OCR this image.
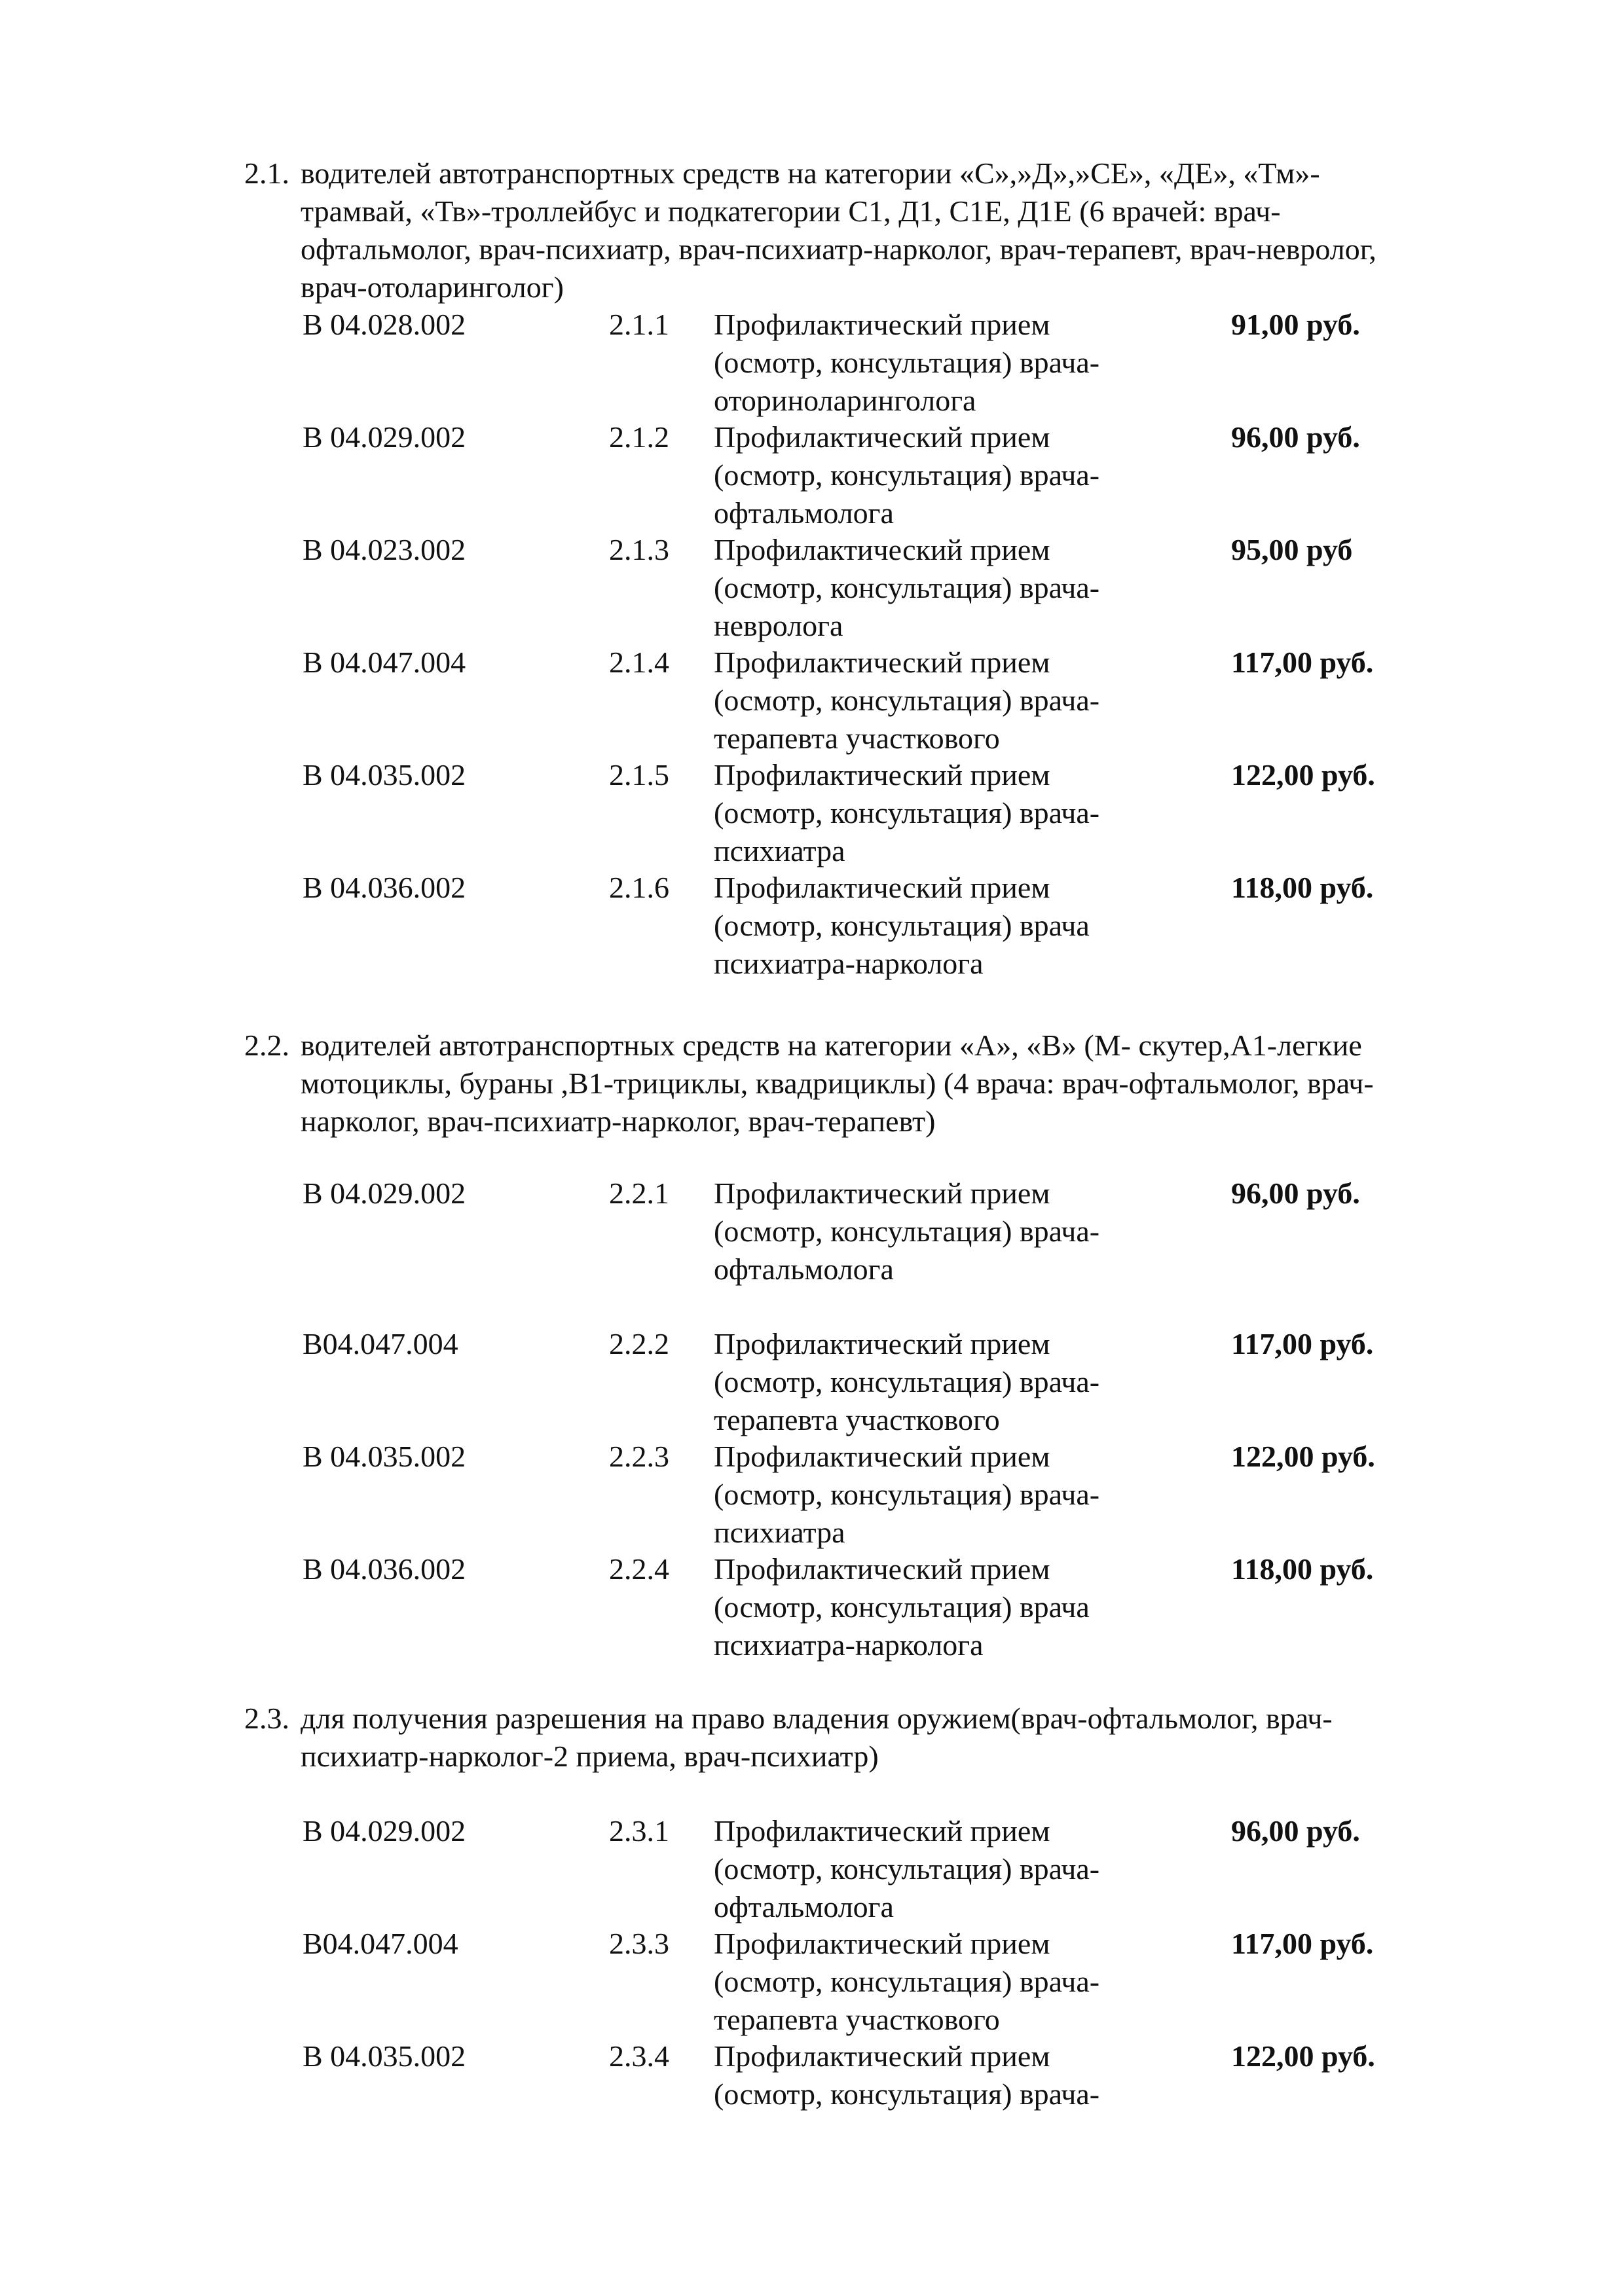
2.1. водителей автотранспортных средств на категории «С»,»Д»,»СЕ», «ДЕ», «Тм»-
трамвай, «Тв»-троллейбус и подкатегории С1, Д1, С1Е, Д1Е (6 врачей: врач-
офтальмолог, врач-психиатр, врач-психиатр-нарколог, врач-терапевт, врач-невролог,
врач-отоларинголог)
В 04.028.002	2.1.1 Профилактический прием
(осмотр, консультация) врача-
оториноларинголога
91,00 руб.
В 04.029.002	2.1.2 Профилактический прием
(осмотр, консультация) врача-
офтальмолога
96,00 руб.
В 04.023.002	2.1.3 Профилактический прием
(осмотр, консультация) врача-
невролога
95,00 руб
В 04.047.004	2.1.4 Профилактический прием
(осмотр, консультация) врача-
терапевта участкового
117,00 руб.
В 04.035.002	2.1.5 Профилактический прием
(осмотр, консультация) врача-
психиатра
122,00 руб.
В 04.036.002	2.1.6 Профилактический прием
(осмотр, консультация) врача
психиатра-нарколога
118,00 руб.
2.2. водителей автотранспортных средств на категории «А», «В» (М- скутер,А1-легкие
мотоциклы, бураны ,В1-трициклы, квадрициклы) (4 врача: врач-офтальмолог, врач-
нарколог, врач-психиатр-нарколог, врач-терапевт)
В 04.029.002	2.2.1 Профилактический прием
(осмотр, консультация) врача-
офтальмолога
96,00 руб.
В04.047.004	2.2.2 Профилактический прием
(осмотр, консультация) врача-
терапевта участкового
117,00 руб.
В 04.035.002	2.2.3 Профилактический прием
(осмотр, консультация) врача-
психиатра
122,00 руб.
В 04.036.002	2.2.4 Профилактический прием
(осмотр, консультация) врача
психиатра-нарколога
118,00 руб.
2.3. для получения разрешения на право владения оружием(врач-офтальмолог, врач-
психиатр-нарколог-2 приема, врач-психиатр)
В 04.029.002	2.3.1 Профилактический прием
(осмотр, консультация) врача-
офтальмолога
96,00 руб.
В04.047.004	2.3.3 Профилактический прием
(осмотр, консультация) врача-
терапевта участкового
117,00 руб.
В 04.035.002	2.3.4 Профилактический прием
(осмотр, консультация) врача-
122,00 руб.
